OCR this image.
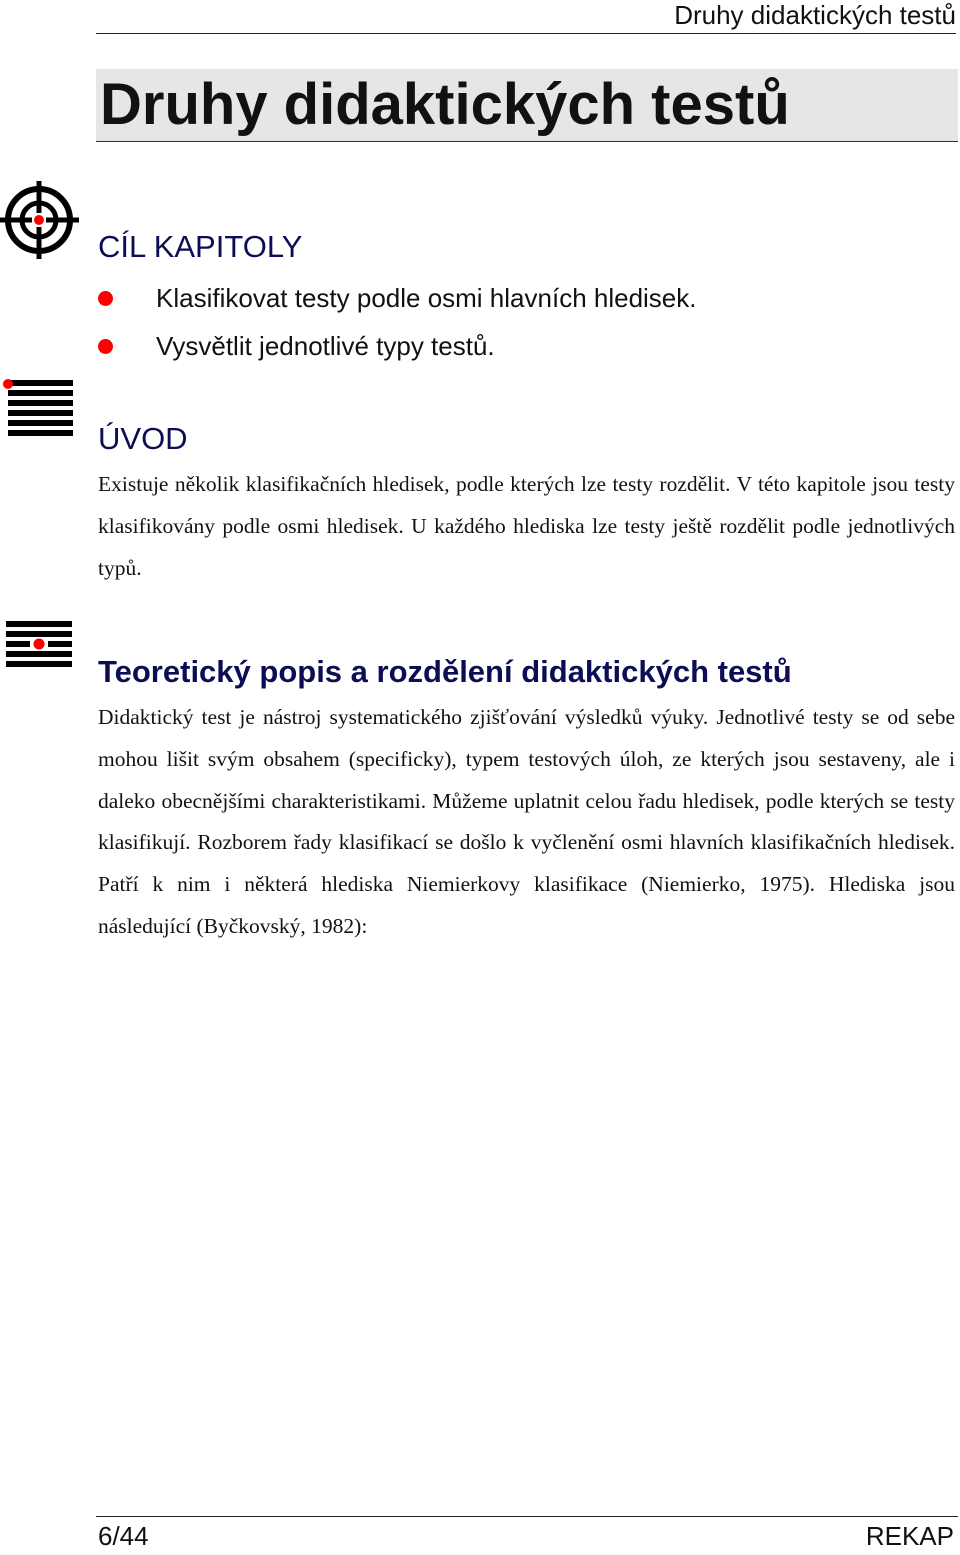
Druhy didaktických testů
Druhy didaktických testů
CÍL KAPITOLY
Klasifikovat testy podle osmi hlavních hledisek.
Vysvětlit jednotlivé typy testů.
ÚVOD

Existuje několik klasifikačních hledisek, podle kterých lze testy rozdělit. V této kapitole jsou testy klasifikovány podle osmi hledisek. U každého hlediska lze testy ještě rozdělit podle jednotlivých typů.

Teoretický popis a rozdělení didaktických testů

Didaktický test je nástroj systematického zjišťování výsledků výuky. Jednotlivé testy se od sebe mohou lišit svým obsahem (specificky), typem testových úloh, ze kterých jsou sestaveny, ale i daleko obecnějšími charakteristikami. Můžeme uplatnit celou řadu hledisek, podle kterých se testy klasifikují. Rozborem řady klasifikací se došlo k vyčlenění osmi hlavních klasifikačních hledisek. Patří k nim i některá hlediska Niemierkovy klasifikace (Niemierko, 1975). Hlediska jsou následující (Byčkovský, 1982):

6/44	REKAP
